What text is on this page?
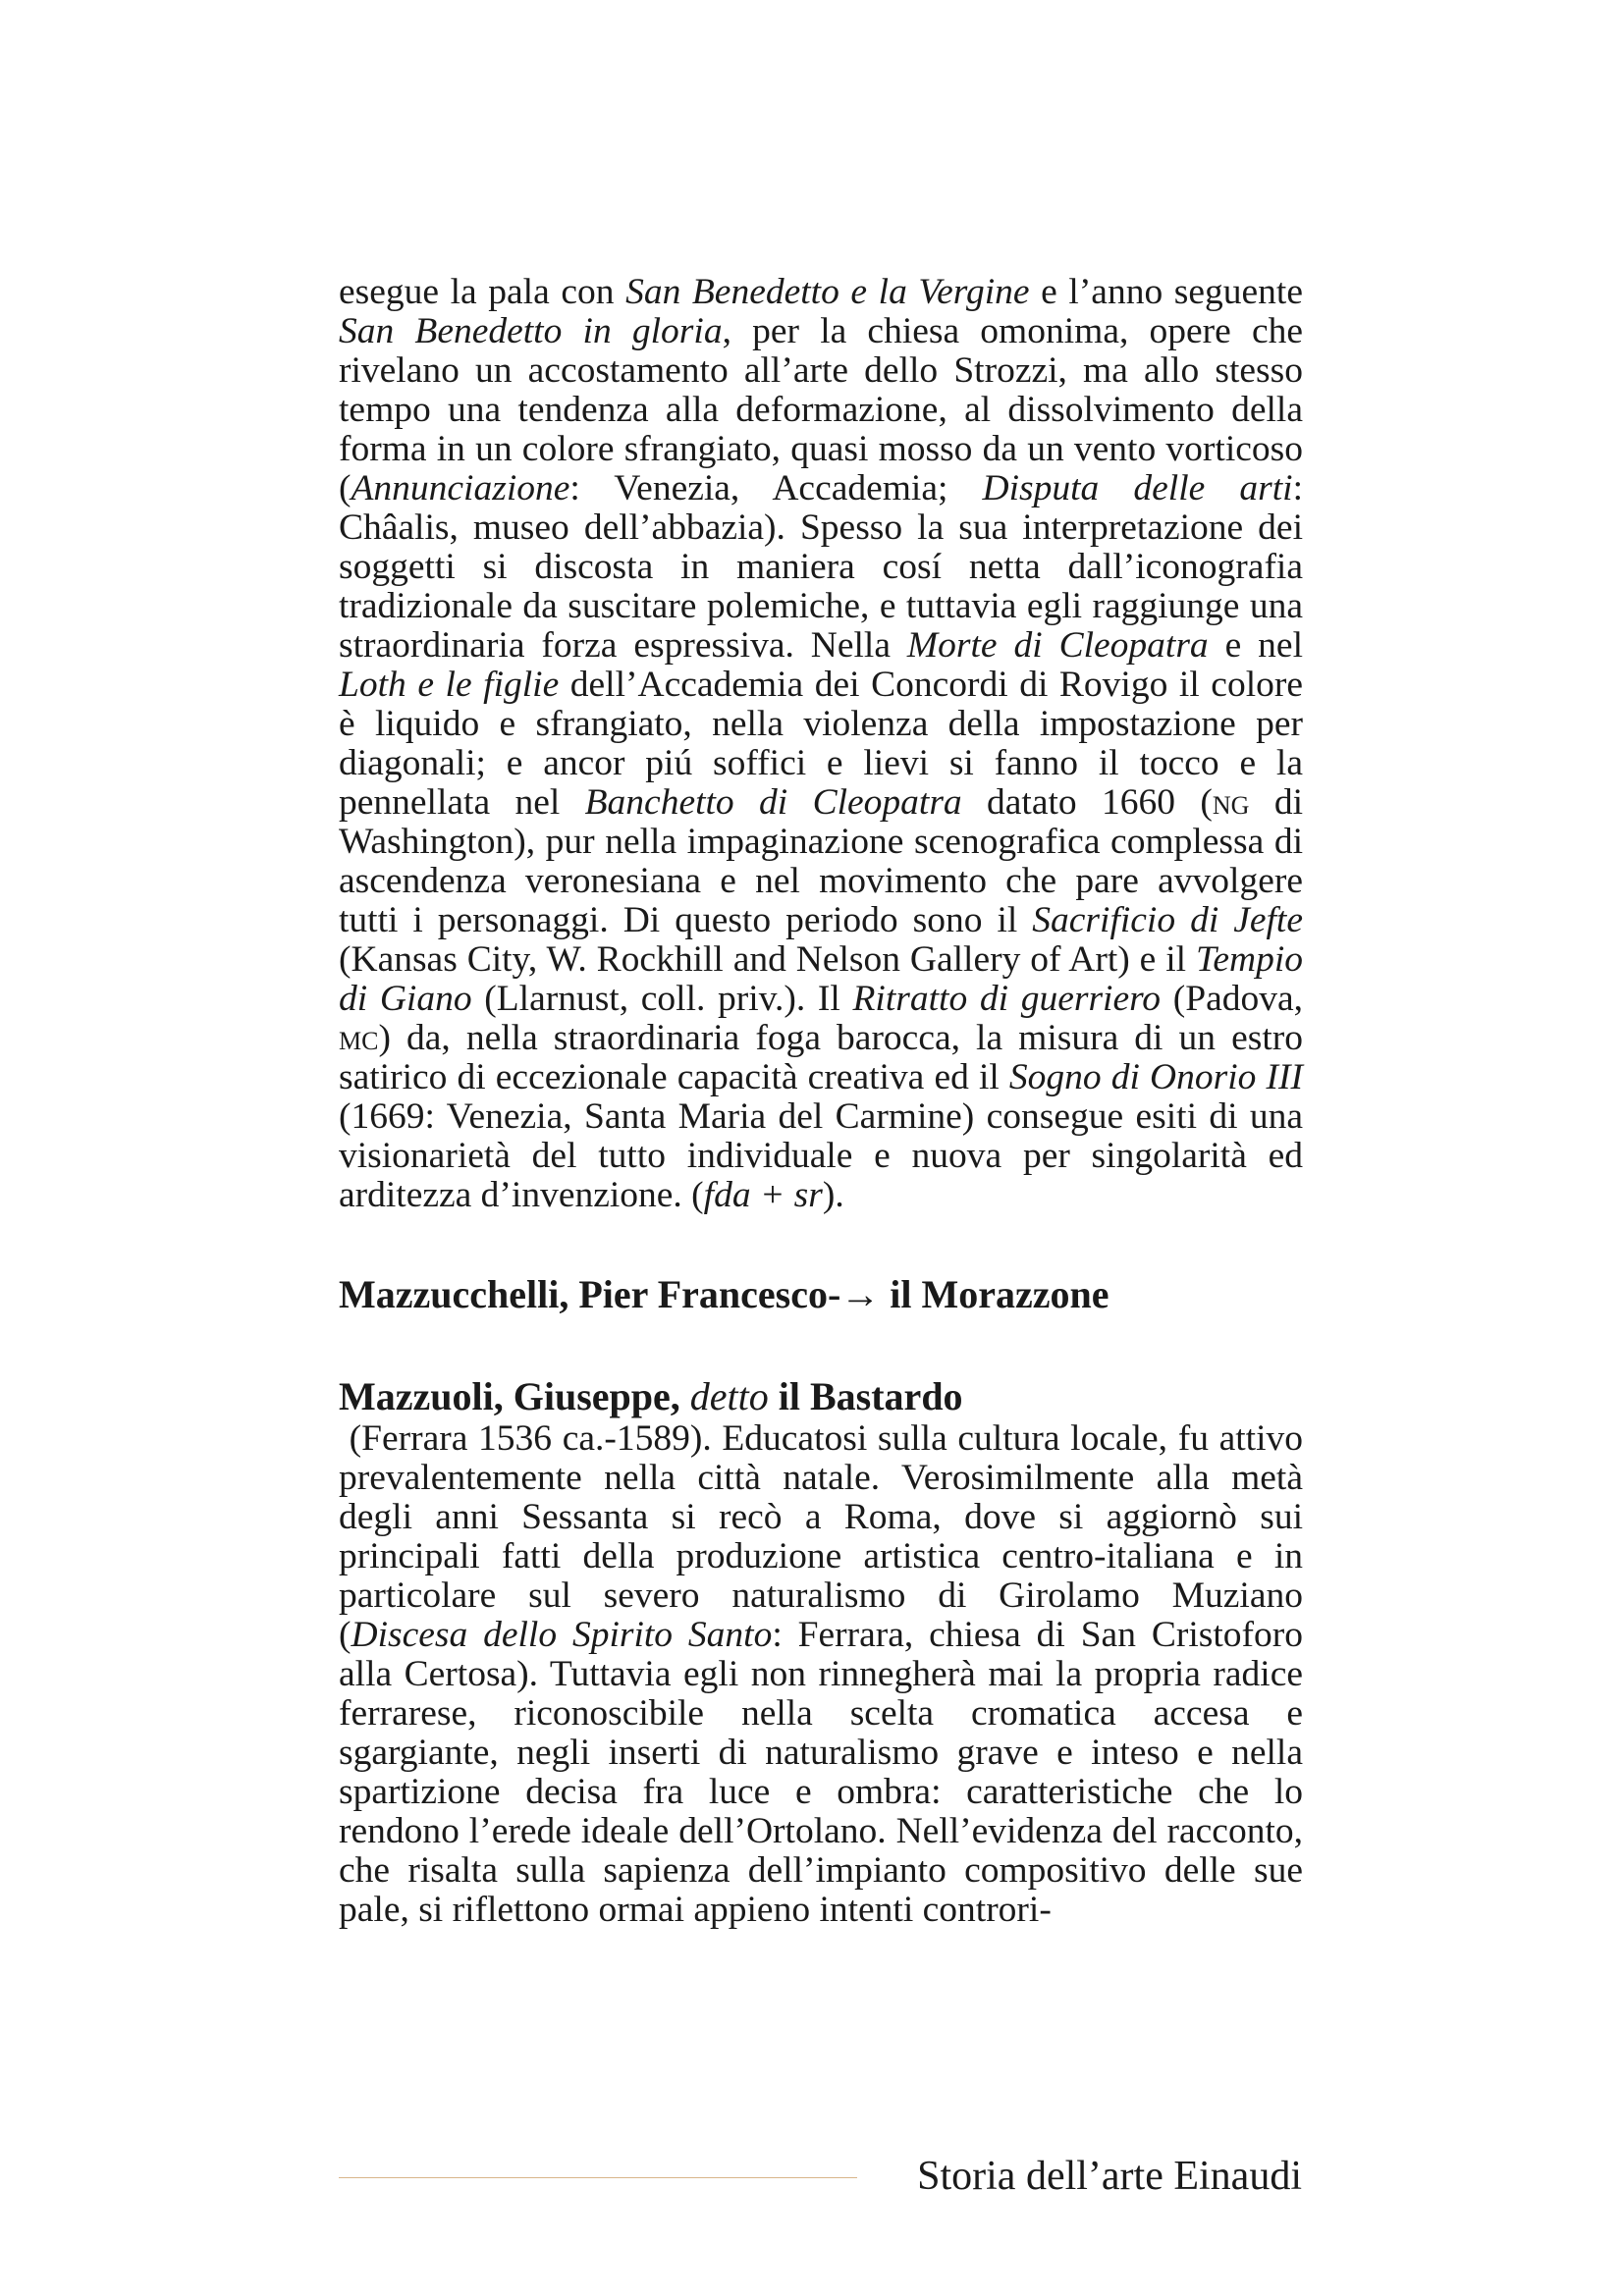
esegue la pala con San Benedetto e la Vergine e l’anno seguente San Benedetto in gloria, per la chiesa omonima, opere che rivelano un accostamento all’arte dello Strozzi, ma allo stesso tempo una tendenza alla deformazione, al dissolvimento della forma in un colore sfrangiato, quasi mosso da un vento vorticoso (Annunciazione: Venezia, Accademia; Disputa delle arti: Châalis, museo dell’abbazia). Spesso la sua interpretazione dei soggetti si discosta in maniera cosí netta dall’iconografia tradizionale da suscitare polemiche, e tuttavia egli raggiunge una straordinaria forza espressiva. Nella Morte di Cleopatra e nel Loth e le figlie dell’Accademia dei Concordi di Rovigo il colore è liquido e sfrangiato, nella violenza della impostazione per diagonali; e ancor piú soffici e lievi si fanno il tocco e la pennellata nel Banchetto di Cleopatra datato 1660 (ng di Washington), pur nella impaginazione scenografica complessa di ascendenza veronesiana e nel movimento che pare avvolgere tutti i personaggi. Di questo periodo sono il Sacrificio di Jefte (Kansas City, W. Rockhill and Nelson Gallery of Art) e il Tempio di Giano (Llarnust, coll. priv.). Il Ritratto di guerriero (Padova, mc) da, nella straordinaria foga barocca, la misura di un estro satirico di eccezionale capacità creativa ed il Sogno di Onorio III (1669: Venezia, Santa Maria del Carmine) consegue esiti di una visionarietà del tutto individuale e nuova per singolarità ed arditezza d’invenzione. (fda + sr).

Mazzucchelli, Pier Francesco-→ il Morazzone

Mazzuoli, Giuseppe, detto il Bastardo

(Ferrara 1536 ca.-1589). Educatosi sulla cultura locale, fu attivo prevalentemente nella città natale. Verosimilmente alla metà degli anni Sessanta si recò a Roma, dove si aggiornò sui principali fatti della produzione artistica centro-italiana e in particolare sul severo naturalismo di Girolamo Muziano (Discesa dello Spirito Santo: Ferrara, chiesa di San Cristoforo alla Certosa). Tuttavia egli non rinnegherà mai la propria radice ferrarese, riconoscibile nella scelta cromatica accesa e sgargiante, negli inserti di naturalismo grave e inteso e nella spartizione decisa fra luce e ombra: caratteristiche che lo rendono l’erede ideale dell’Ortolano. Nell’evidenza del racconto, che risalta sulla sapienza dell’impianto compositivo delle sue pale, si riflettono ormai appieno intenti controri-

Storia dell’arte Einaudi
